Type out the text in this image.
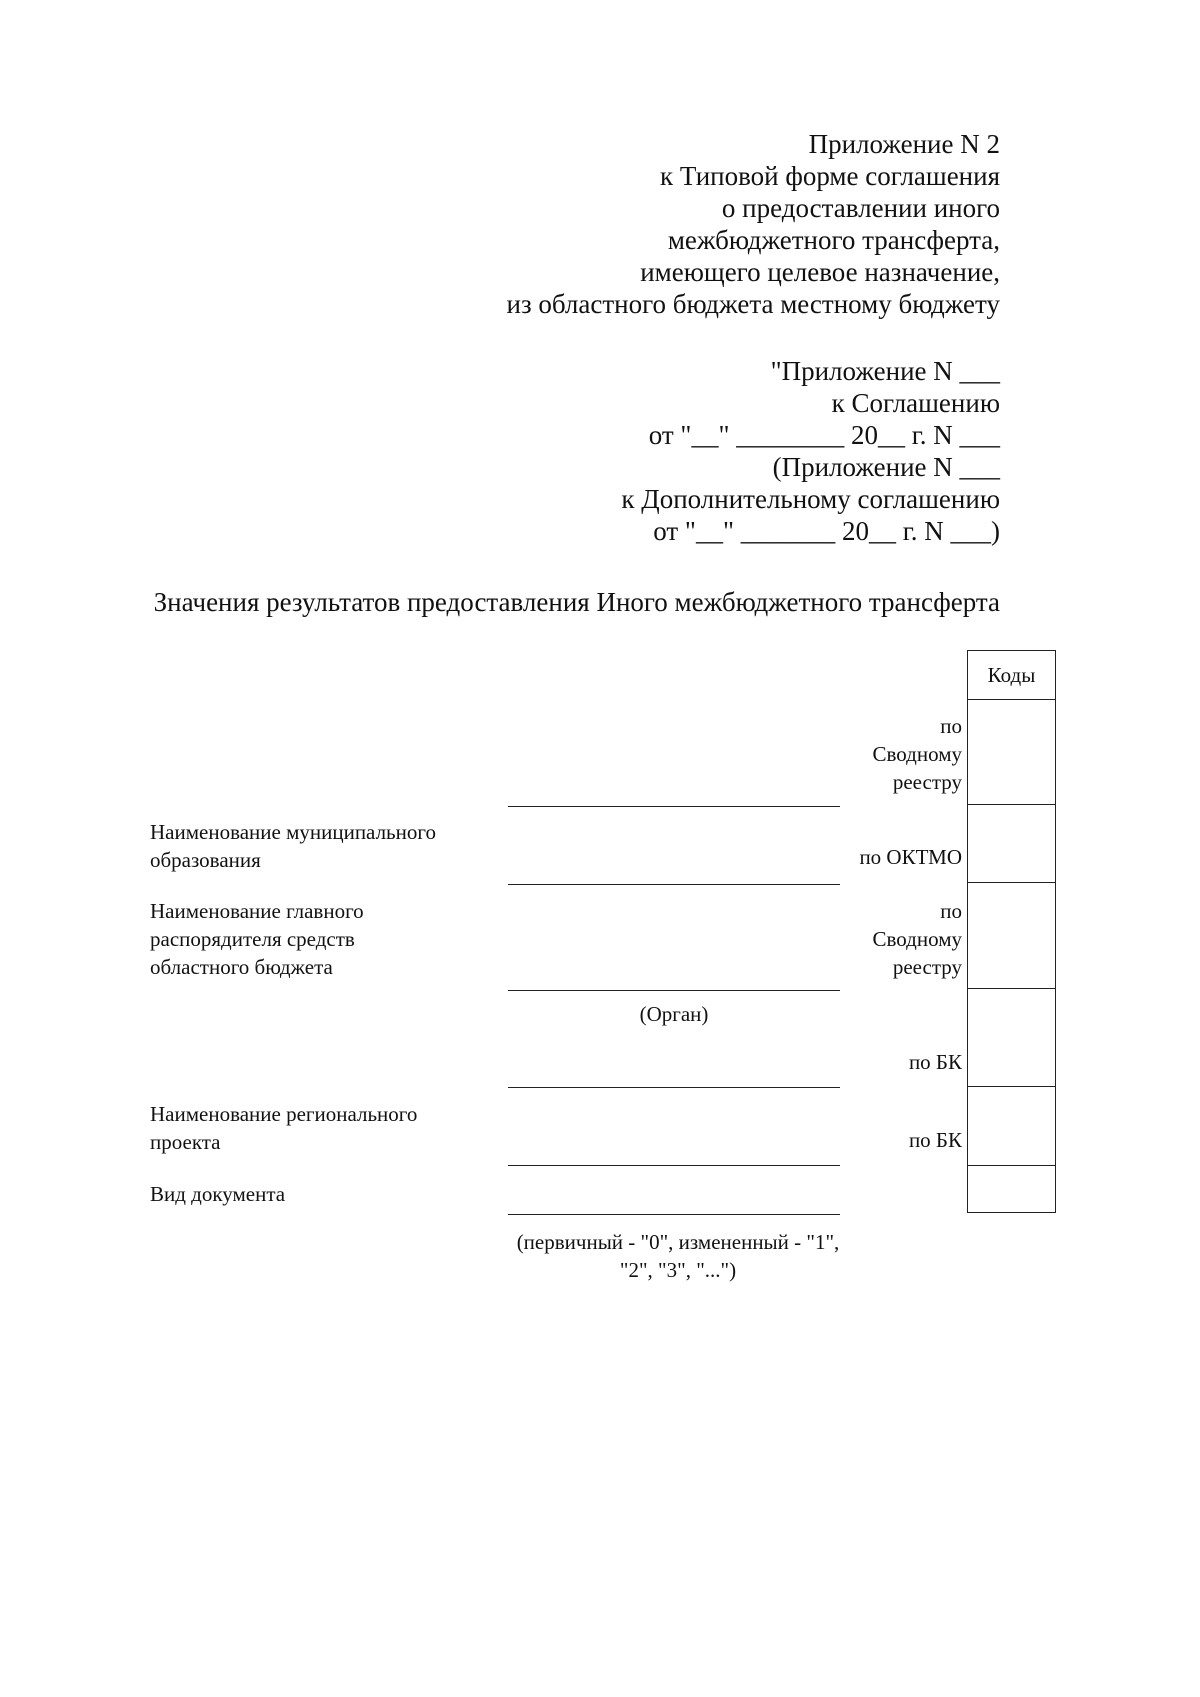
Приложение N 2
к Типовой форме соглашения
о предоставлении иного
межбюджетного трансферта,
имеющего целевое назначение,
из областного бюджета местному бюджету
"Приложение N ___
к Соглашению
от "__" ________ 20__ г. N ___
(Приложение N ___
к Дополнительному соглашению
от "__" _______ 20__ г. N ___)
Значения результатов предоставления Иного межбюджетного трансферта
Коды
по Сводному реестру
по ОКТМО
по Сводному реестру
по БК
по БК
Наименование муниципального образования
Наименование главного распорядителя средств областного бюджета
Наименование регионального проекта
Вид документа
(Орган)
(первичный - "0", измененный - "1", "2", "3", "...")
